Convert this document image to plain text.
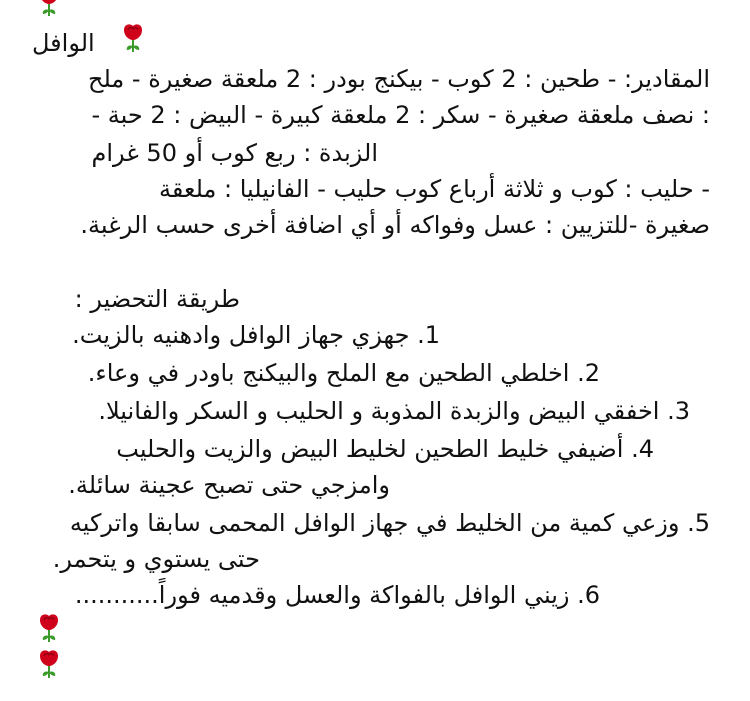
الوافل
المقادير: - طحين : 2 كوب - بيكنج بودر : 2 ملعقة صغيرة - ملح
: نصف ملعقة صغيرة - سكر : 2 ملعقة كبيرة - البيض : 2 حبة -
الزبدة : ربع كوب أو 50 غرام
- حليب : كوب و ثلاثة أرباع كوب حليب - الفانيليا : ملعقة
صغيرة -للتزيين : عسل وفواكه أو أي اضافة أخرى حسب الرغبة.
طريقة التحضير :
1. جهزي جهاز الوافل وادهنيه بالزيت.
2. اخلطي الطحين مع الملح والبيكنج باودر في وعاء.
3. اخفقي البيض والزبدة المذوبة و الحليب و السكر والفانيلا.
4. أضيفي خليط الطحين لخليط البيض والزيت والحليب
وامزجي حتى تصبح عجينة سائلة.
5. وزعي كمية من الخليط في جهاز الوافل المحمى سابقا واتركيه
حتى يستوي و يتحمر.
6. زيني الوافل بالفواكة والعسل وقدميه فوراً...........
